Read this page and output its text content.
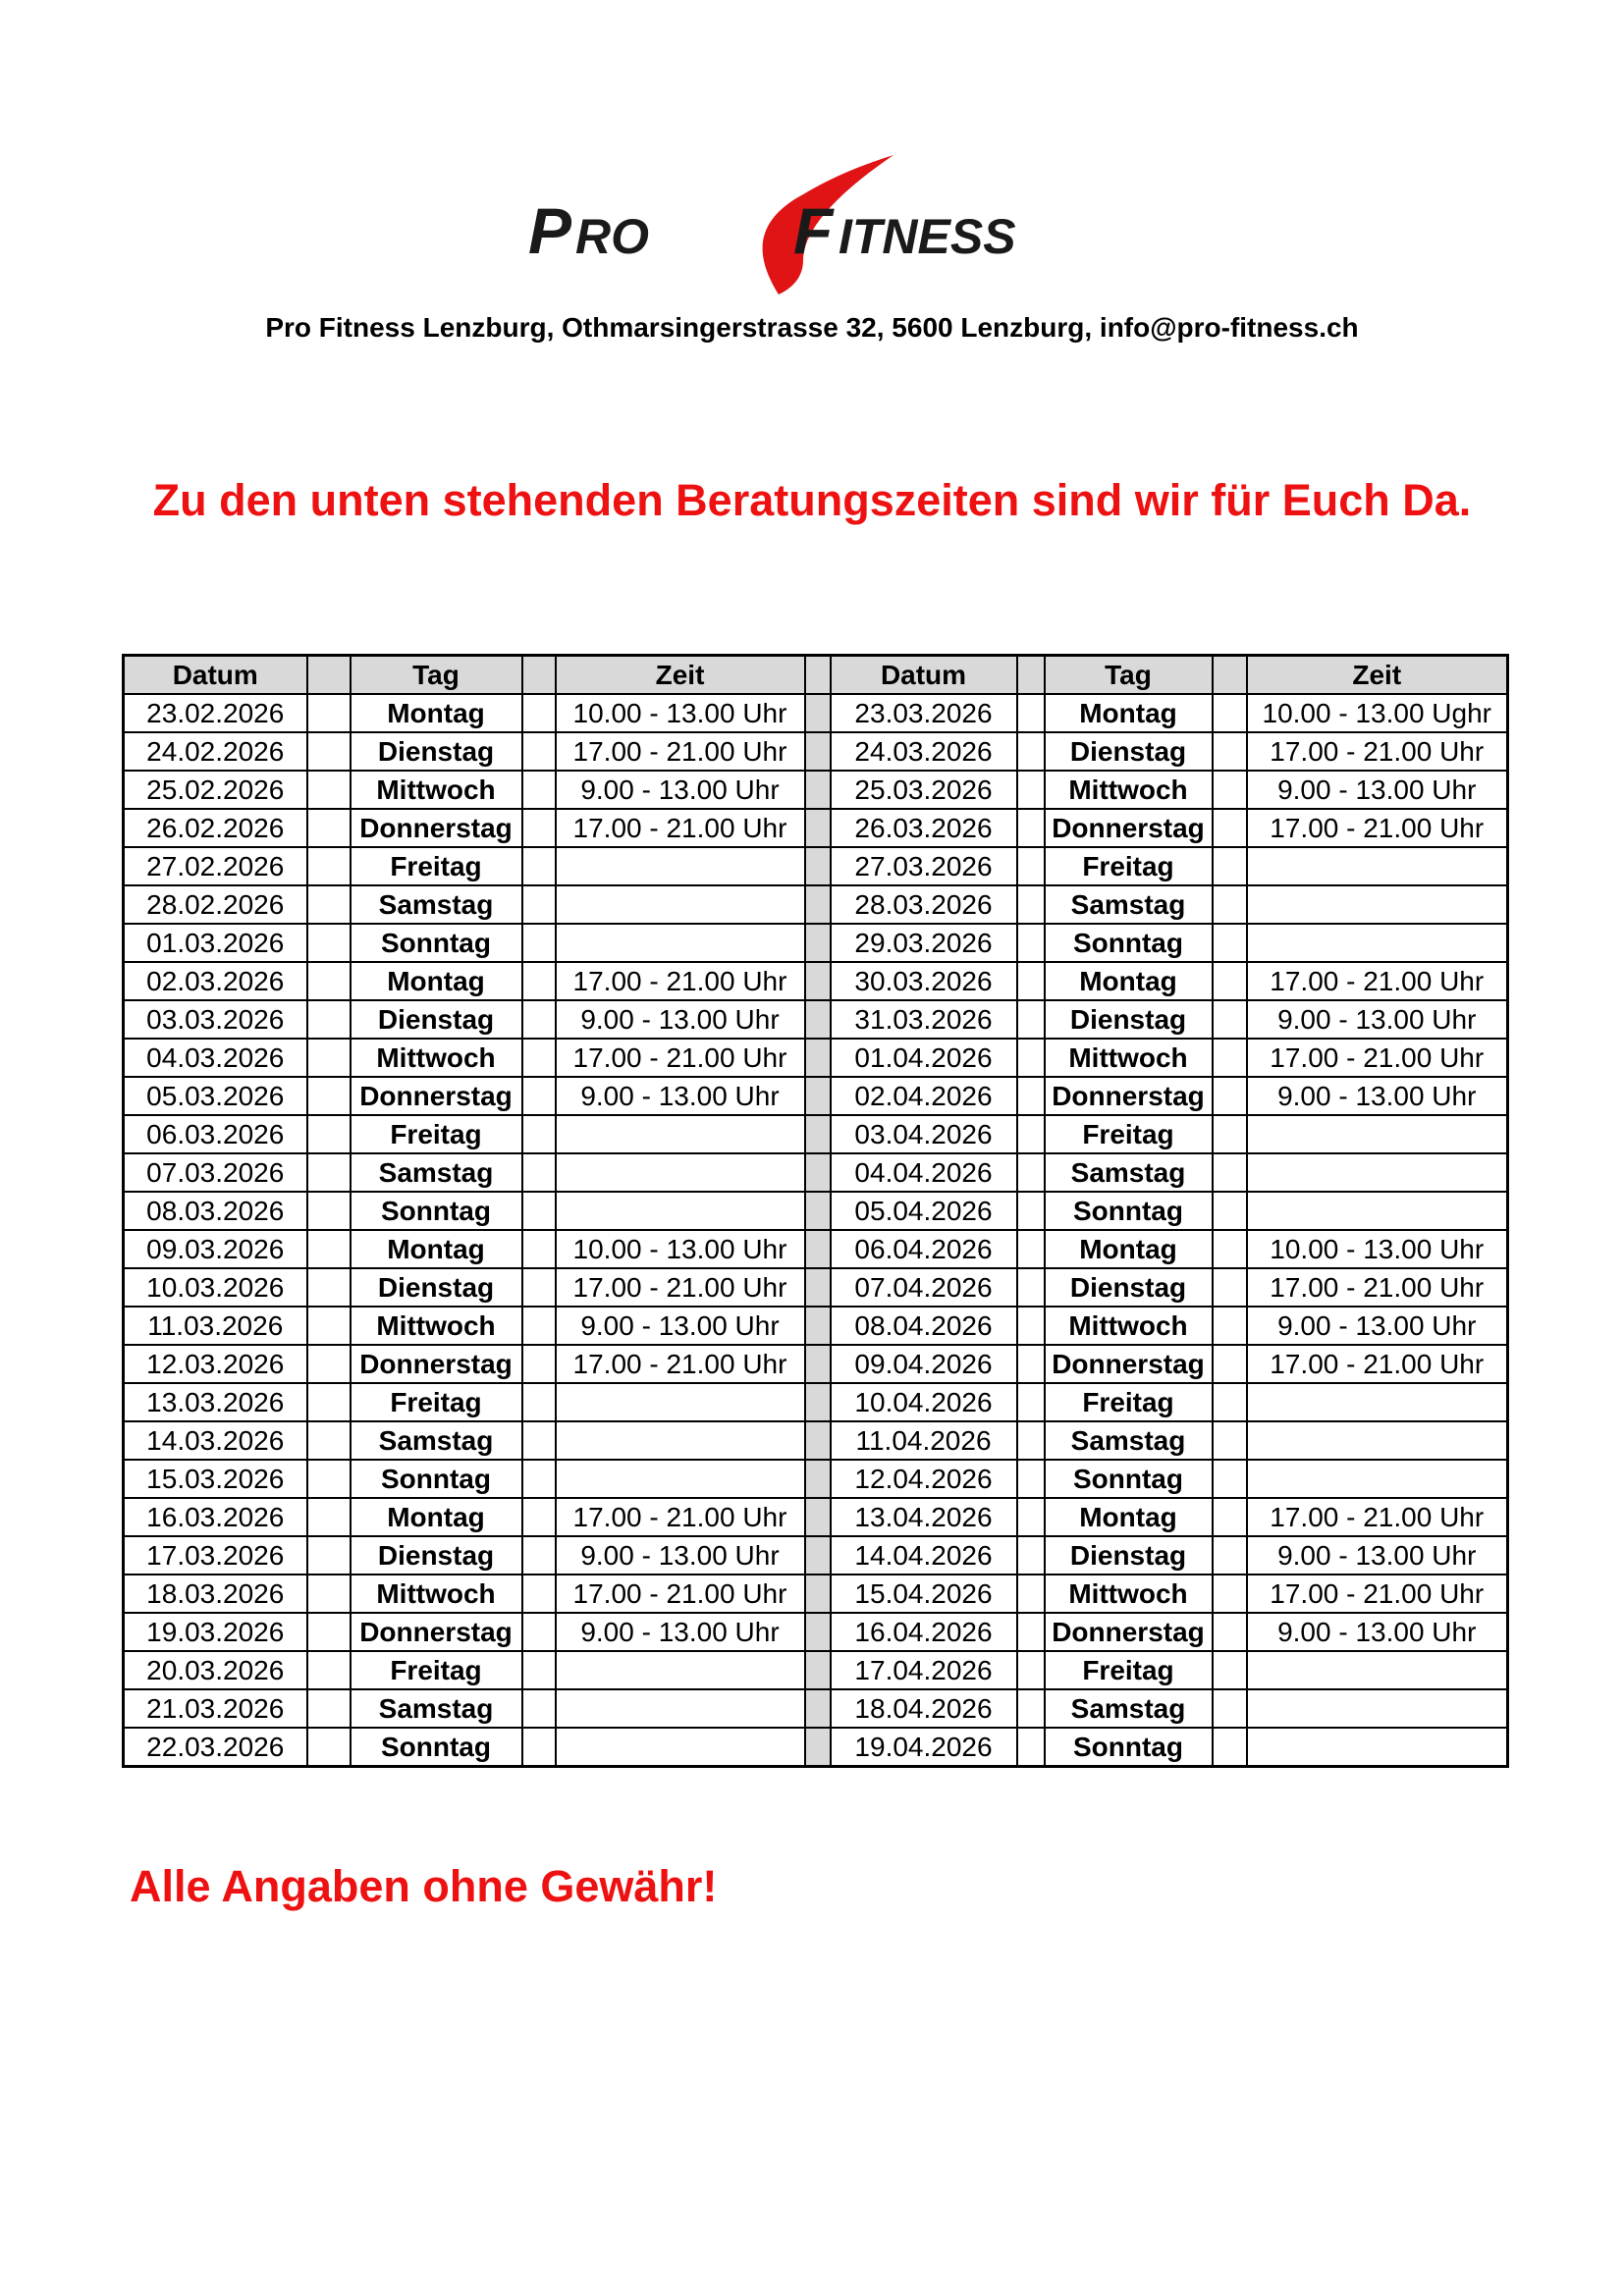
P RO F ITNESS
Pro Fitness Lenzburg, Othmarsingerstrasse 32, 5600 Lenzburg, info@pro-fitness.ch
Zu den unten stehenden Beratungszeiten sind wir für Euch Da.
Datum		Tag		Zeit		Datum		Tag		Zeit
23.02.2026		Montag		10.00 - 13.00 Uhr		23.03.2026		Montag		10.00 - 13.00 Ughr
24.02.2026		Dienstag		17.00 - 21.00 Uhr		24.03.2026		Dienstag		17.00 - 21.00 Uhr
25.02.2026		Mittwoch		9.00 - 13.00 Uhr		25.03.2026		Mittwoch		9.00 - 13.00 Uhr
26.02.2026		Donnerstag		17.00 - 21.00 Uhr		26.03.2026		Donnerstag		17.00 - 21.00 Uhr
27.02.2026		Freitag				27.03.2026		Freitag		
28.02.2026		Samstag				28.03.2026		Samstag		
01.03.2026		Sonntag				29.03.2026		Sonntag		
02.03.2026		Montag		17.00 - 21.00 Uhr		30.03.2026		Montag		17.00 - 21.00 Uhr
03.03.2026		Dienstag		9.00 - 13.00 Uhr		31.03.2026		Dienstag		9.00 - 13.00 Uhr
04.03.2026		Mittwoch		17.00 - 21.00 Uhr		01.04.2026		Mittwoch		17.00 - 21.00 Uhr
05.03.2026		Donnerstag		9.00 - 13.00 Uhr		02.04.2026		Donnerstag		9.00 - 13.00 Uhr
06.03.2026		Freitag				03.04.2026		Freitag		
07.03.2026		Samstag				04.04.2026		Samstag		
08.03.2026		Sonntag				05.04.2026		Sonntag		
09.03.2026		Montag		10.00 - 13.00 Uhr		06.04.2026		Montag		10.00 - 13.00 Uhr
10.03.2026		Dienstag		17.00 - 21.00 Uhr		07.04.2026		Dienstag		17.00 - 21.00 Uhr
11.03.2026		Mittwoch		9.00 - 13.00 Uhr		08.04.2026		Mittwoch		9.00 - 13.00 Uhr
12.03.2026		Donnerstag		17.00 - 21.00 Uhr		09.04.2026		Donnerstag		17.00 - 21.00 Uhr
13.03.2026		Freitag				10.04.2026		Freitag		
14.03.2026		Samstag				11.04.2026		Samstag		
15.03.2026		Sonntag				12.04.2026		Sonntag		
16.03.2026		Montag		17.00 - 21.00 Uhr		13.04.2026		Montag		17.00 - 21.00 Uhr
17.03.2026		Dienstag		9.00 - 13.00 Uhr		14.04.2026		Dienstag		9.00 - 13.00 Uhr
18.03.2026		Mittwoch		17.00 - 21.00 Uhr		15.04.2026		Mittwoch		17.00 - 21.00 Uhr
19.03.2026		Donnerstag		9.00 - 13.00 Uhr		16.04.2026		Donnerstag		9.00 - 13.00 Uhr
20.03.2026		Freitag				17.04.2026		Freitag		
21.03.2026		Samstag				18.04.2026		Samstag		
22.03.2026		Sonntag				19.04.2026		Sonntag		
Alle Angaben ohne Gewähr!
